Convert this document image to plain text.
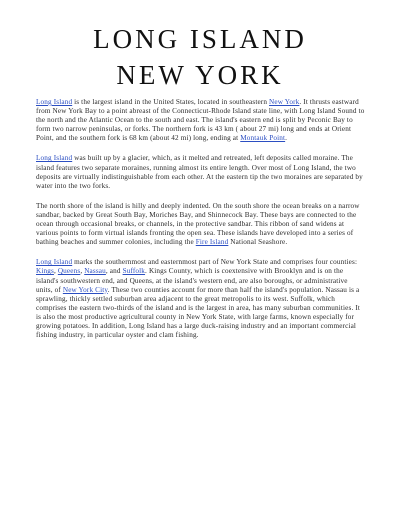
LONG ISLAND
NEW YORK

Long Island is the largest island in the United States, located in southeastern New York. It thrusts eastward from New York Bay to a point abreast of the Connecticut-Rhode Island state line, with Long Island Sound to the north and the Atlantic Ocean to the south and east. The island's eastern end is split by Peconic Bay to form two narrow peninsulas, or forks. The northern fork is 43 km ( about 27 mi) long and ends at Orient Point, and the southern fork is 68 km (about 42 mi) long, ending at Montauk Point.

Long Island was built up by a glacier, which, as it melted and retreated, left deposits called moraine. The island features two separate moraines, running almost its entire length. Over most of Long Island, the two deposits are virtually indistinguishable from each other. At the eastern tip the two moraines are separated by water into the two forks.

The north shore of the island is hilly and deeply indented. On the south shore the ocean breaks on a narrow sandbar, backed by Great South Bay, Moriches Bay, and Shinnecock Bay. These bays are connected to the ocean through occasional breaks, or channels, in the protective sandbar. This ribbon of sand widens at various points to form virtual islands fronting the open sea. These islands have developed into a series of bathing beaches and summer colonies, including the Fire Island National Seashore.

Long Island marks the southernmost and easternmost part of New York State and comprises four counties: Kings, Queens, Nassau, and Suffolk. Kings County, which is coextensive with Brooklyn and is on the island's southwestern end, and Queens, at the island's western end, are also boroughs, or administrative units, of New York City. These two counties account for more than half the island's population. Nassau is a sprawling, thickly settled suburban area adjacent to the great metropolis to its west. Suffolk, which comprises the eastern two-thirds of the island and is the largest in area, has many suburban communities. It is also the most productive agricultural county in New York State, with large farms, known especially for growing potatoes. In addition, Long Island has a large duck-raising industry and an important commercial fishing industry, in particular oyster and clam fishing.
